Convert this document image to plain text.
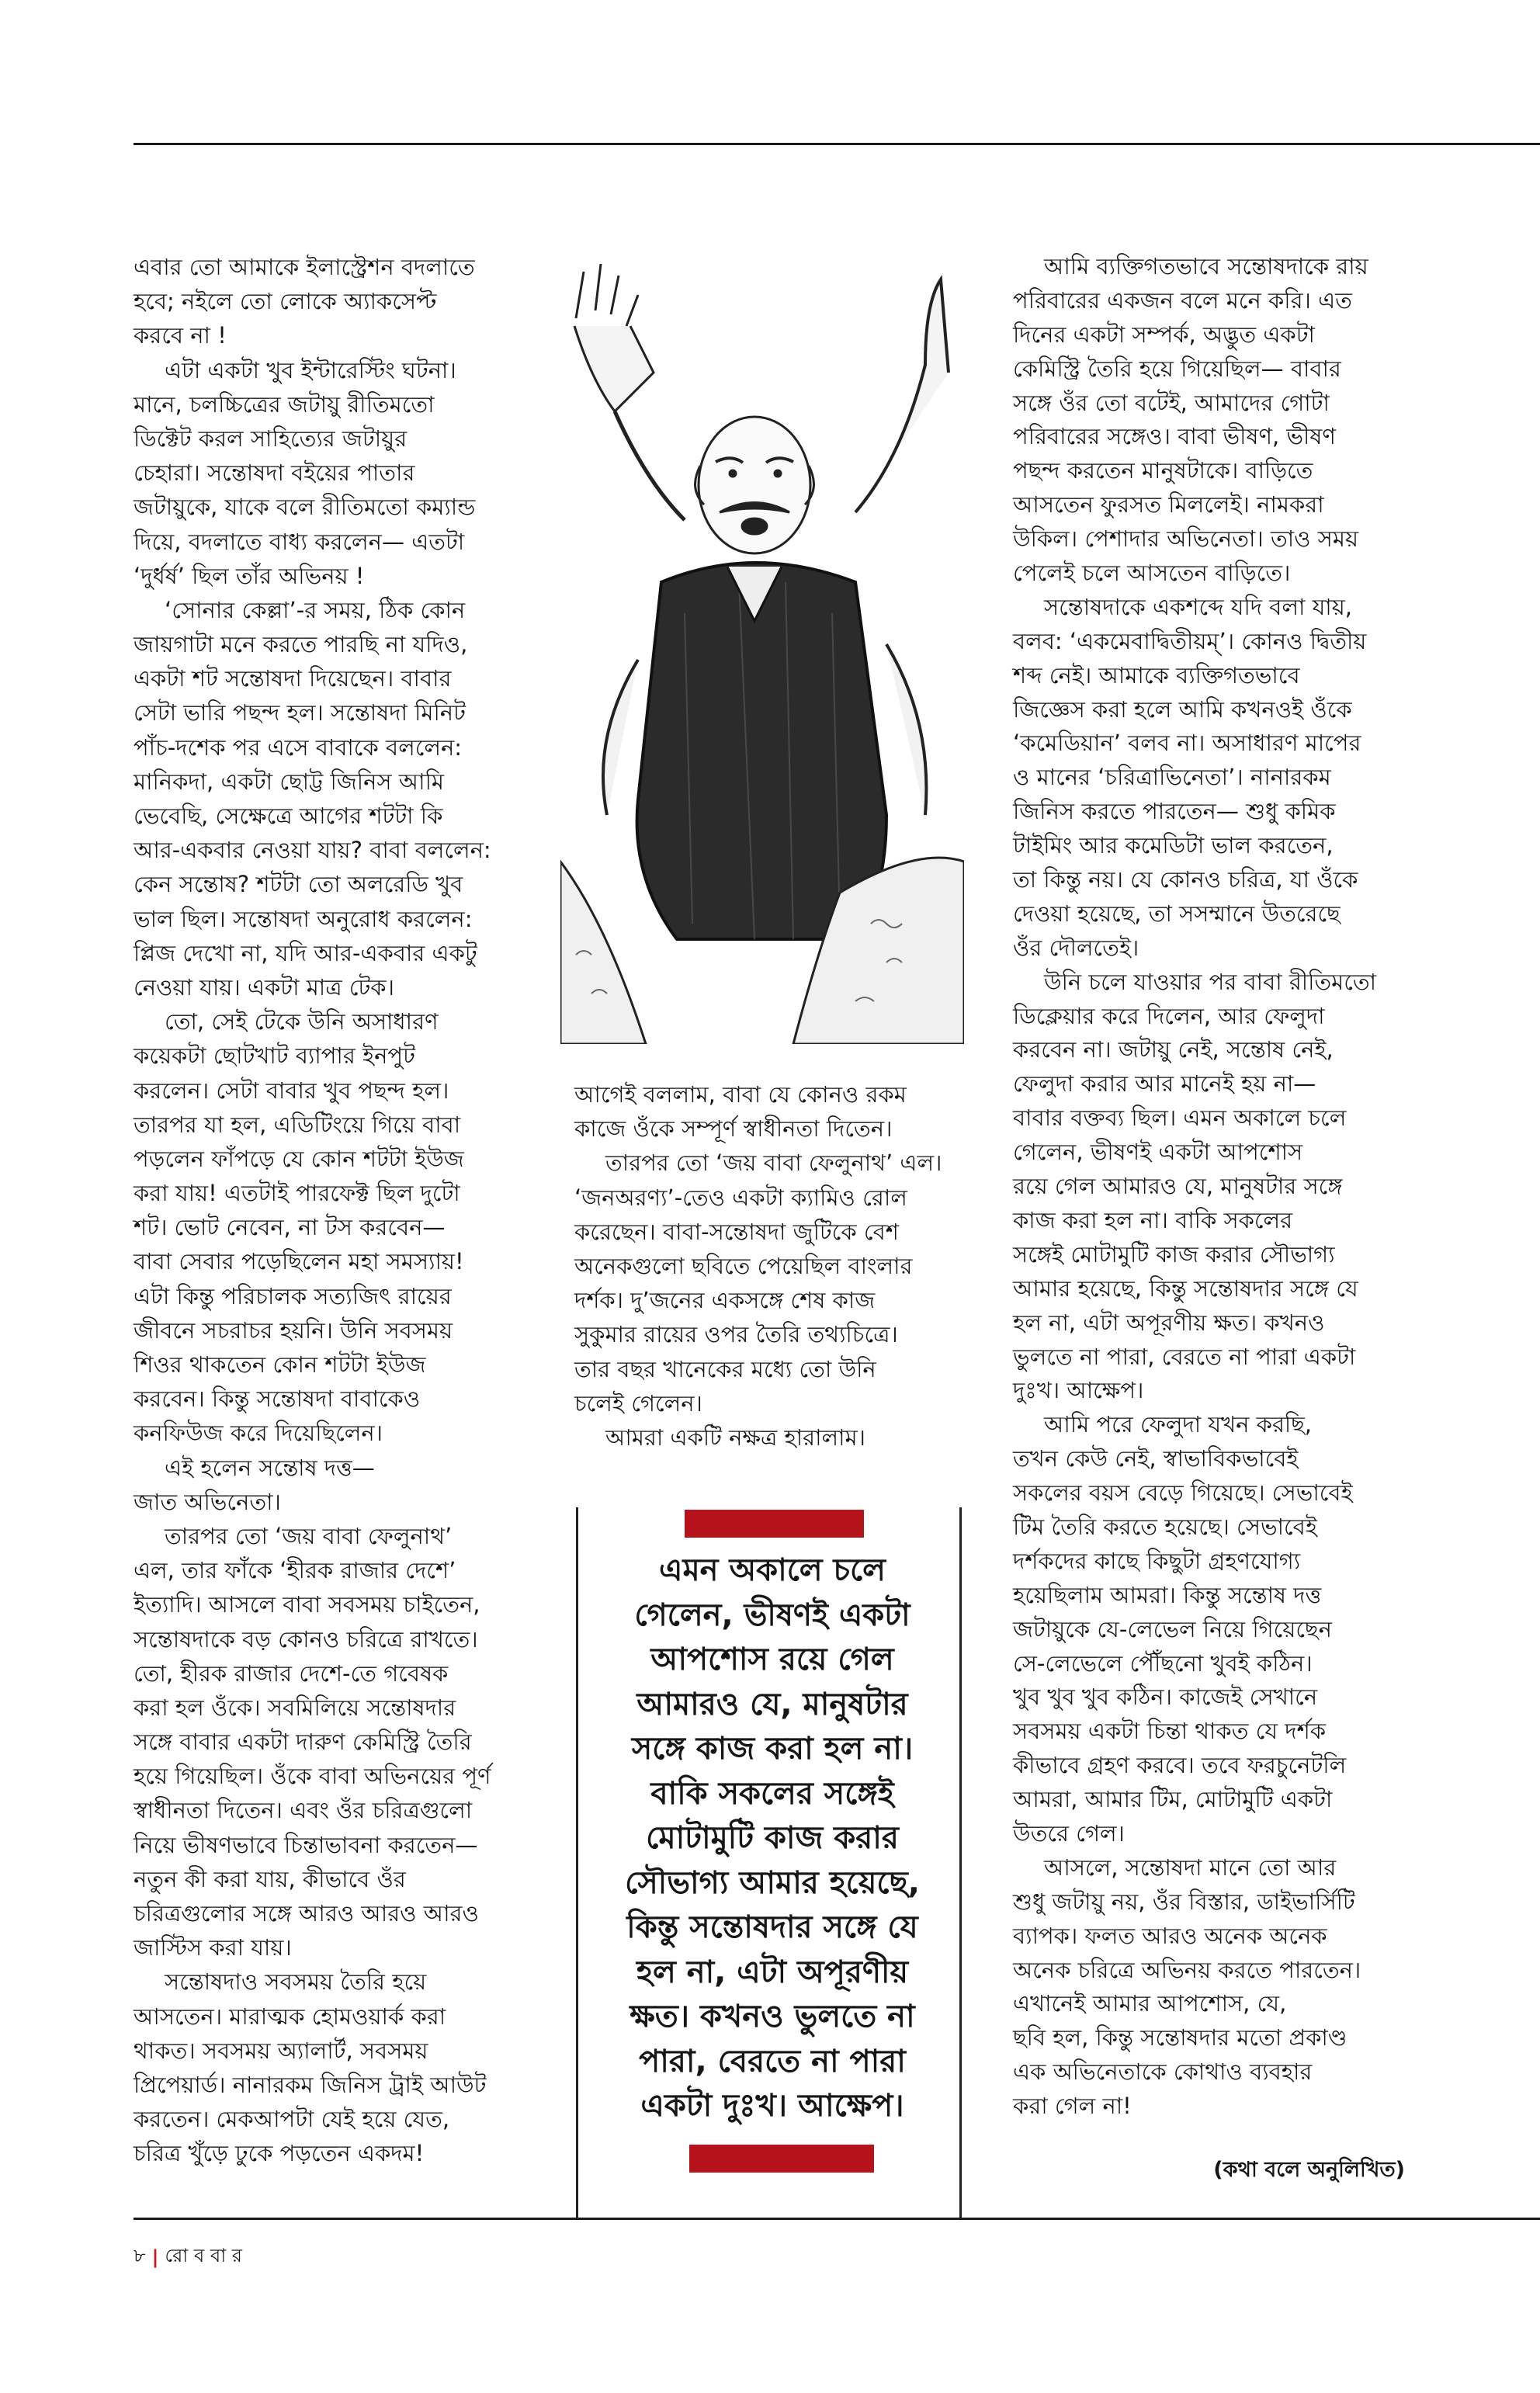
এবার তো আমাকে ইলাস্ট্রেশন বদলাতে
হবে; নইলে তো লোকে অ্যাকসেপ্ট
করবে না !
এটা একটা খুব ইন্টারেস্টিং ঘটনা।
মানে, চলচ্চিত্রের জটায়ু রীতিমতো
ডিক্টেট করল সাহিত্যের জটায়ুর
চেহারা। সন্তোষদা বইয়ের পাতার
জটায়ুকে, যাকে বলে রীতিমতো কম্যান্ড
দিয়ে, বদলাতে বাধ্য করলেন— এতটা
‘দুর্ধর্ষ’ ছিল তাঁর অভিনয় !
‘সোনার কেল্লা’-র সময়, ঠিক কোন
জায়গাটা মনে করতে পারছি না যদিও,
একটা শট সন্তোষদা দিয়েছেন। বাবার
সেটা ভারি পছন্দ হল। সন্তোষদা মিনিট
পাঁচ-দশেক পর এসে বাবাকে বললেন:
মানিকদা, একটা ছোট্ট জিনিস আমি
ভেবেছি, সেক্ষেত্রে আগের শটটা কি
আর-একবার নেওয়া যায়? বাবা বললেন:
কেন সন্তোষ? শটটা তো অলরেডি খুব
ভাল ছিল। সন্তোষদা অনুরোধ করলেন:
প্লিজ দেখো না, যদি আর-একবার একটু
নেওয়া যায়। একটা মাত্র টেক।
তো, সেই টেকে উনি অসাধারণ
কয়েকটা ছোটখাট ব্যাপার ইনপুট
করলেন। সেটা বাবার খুব পছন্দ হল।
তারপর যা হল, এডিটিংয়ে গিয়ে বাবা
পড়লেন ফাঁপড়ে যে কোন শটটা ইউজ
করা যায়! এতটাই পারফেক্ট ছিল দুটো
শট। ভোট নেবেন, না টস করবেন—
বাবা সেবার পড়েছিলেন মহা সমস্যায়!
এটা কিন্তু পরিচালক সত্যজিৎ রায়ের
জীবনে সচরাচর হয়নি। উনি সবসময়
শিওর থাকতেন কোন শটটা ইউজ
করবেন। কিন্তু সন্তোষদা বাবাকেও
কনফিউজ করে দিয়েছিলেন।
এই হলেন সন্তোষ দত্ত—
জাত অভিনেতা।
তারপর তো ‘জয় বাবা ফেলুনাথ’
এল, তার ফাঁকে ‘হীরক রাজার দেশে’
ইত্যাদি। আসলে বাবা সবসময় চাইতেন,
সন্তোষদাকে বড় কোনও চরিত্রে রাখতে।
তো, হীরক রাজার দেশে-তে গবেষক
করা হল ওঁকে। সবমিলিয়ে সন্তোষদার
সঙ্গে বাবার একটা দারুণ কেমিস্ট্রি তৈরি
হয়ে গিয়েছিল। ওঁকে বাবা অভিনয়ের পূর্ণ
স্বাধীনতা দিতেন। এবং ওঁর চরিত্রগুলো
নিয়ে ভীষণভাবে চিন্তাভাবনা করতেন—
নতুন কী করা যায়, কীভাবে ওঁর
চরিত্রগুলোর সঙ্গে আরও আরও আরও
জাস্টিস করা যায়।
সন্তোষদাও সবসময় তৈরি হয়ে
আসতেন। মারাত্মক হোমওয়ার্ক করা
থাকত। সবসময় অ্যালার্ট, সবসময়
প্রিপেয়ার্ড। নানারকম জিনিস ট্রাই আউট
করতেন। মেকআপটা যেই হয়ে যেত,
চরিত্র খুঁড়ে ঢুকে পড়তেন একদম!
আগেই বললাম, বাবা যে কোনও রকম
কাজে ওঁকে সম্পূর্ণ স্বাধীনতা দিতেন।
তারপর তো ‘জয় বাবা ফেলুনাথ’ এল।
‘জনঅরণ্য’-তেও একটা ক্যামিও রোল
করেছেন। বাবা-সন্তোষদা জুটিকে বেশ
অনেকগুলো ছবিতে পেয়েছিল বাংলার
দর্শক। দু’জনের একসঙ্গে শেষ কাজ
সুকুমার রায়ের ওপর তৈরি তথ্যচিত্রে।
তার বছর খানেকের মধ্যে তো উনি
চলেই গেলেন।
আমরা একটি নক্ষত্র হারালাম।
এমন অকালে চলে
গেলেন, ভীষণই একটা
আপশোস রয়ে গেল
আমারও যে, মানুষটার
সঙ্গে কাজ করা হল না।
বাকি সকলের সঙ্গেই
মোটামুটি কাজ করার
সৌভাগ্য আমার হয়েছে,
কিন্তু সন্তোষদার সঙ্গে যে
হল না, এটা অপূরণীয়
ক্ষত। কখনও ভুলতে না
পারা, বেরতে না পারা
একটা দুঃখ। আক্ষেপ।
আমি ব্যক্তিগতভাবে সন্তোষদাকে রায়
পরিবারের একজন বলে মনে করি। এত
দিনের একটা সম্পর্ক, অদ্ভুত একটা
কেমিস্ট্রি তৈরি হয়ে গিয়েছিল— বাবার
সঙ্গে ওঁর তো বটেই, আমাদের গোটা
পরিবারের সঙ্গেও। বাবা ভীষণ, ভীষণ
পছন্দ করতেন মানুষটাকে। বাড়িতে
আসতেন ফুরসত মিললেই। নামকরা
উকিল। পেশাদার অভিনেতা। তাও সময়
পেলেই চলে আসতেন বাড়িতে।
সন্তোষদাকে একশব্দে যদি বলা যায়,
বলব: ‘একমেবাদ্বিতীয়ম্’। কোনও দ্বিতীয়
শব্দ নেই। আমাকে ব্যক্তিগতভাবে
জিজ্ঞেস করা হলে আমি কখনওই ওঁকে
‘কমেডিয়ান’ বলব না। অসাধারণ মাপের
ও মানের ‘চরিত্রাভিনেতা’। নানারকম
জিনিস করতে পারতেন— শুধু কমিক
টাইমিং আর কমেডিটা ভাল করতেন,
তা কিন্তু নয়। যে কোনও চরিত্র, যা ওঁকে
দেওয়া হয়েছে, তা সসম্মানে উতরেছে
ওঁর দৌলতেই।
উনি চলে যাওয়ার পর বাবা রীতিমতো
ডিক্লেয়ার করে দিলেন, আর ফেলুদা
করবেন না। জটায়ু নেই, সন্তোষ নেই,
ফেলুদা করার আর মানেই হয় না—
বাবার বক্তব্য ছিল। এমন অকালে চলে
গেলেন, ভীষণই একটা আপশোস
রয়ে গেল আমারও যে, মানুষটার সঙ্গে
কাজ করা হল না। বাকি সকলের
সঙ্গেই মোটামুটি কাজ করার সৌভাগ্য
আমার হয়েছে, কিন্তু সন্তোষদার সঙ্গে যে
হল না, এটা অপূরণীয় ক্ষত। কখনও
ভুলতে না পারা, বেরতে না পারা একটা
দুঃখ। আক্ষেপ।
আমি পরে ফেলুদা যখন করছি,
তখন কেউ নেই, স্বাভাবিকভাবেই
সকলের বয়স বেড়ে গিয়েছে। সেভাবেই
টিম তৈরি করতে হয়েছে। সেভাবেই
দর্শকদের কাছে কিছুটা গ্রহণযোগ্য
হয়েছিলাম আমরা। কিন্তু সন্তোষ দত্ত
জটায়ুকে যে-লেভেল নিয়ে গিয়েছেন
সে-লেভেলে পৌঁছনো খুবই কঠিন।
খুব খুব খুব কঠিন। কাজেই সেখানে
সবসময় একটা চিন্তা থাকত যে দর্শক
কীভাবে গ্রহণ করবে। তবে ফরচুনেটলি
আমরা, আমার টিম, মোটামুটি একটা
উতরে গেল।
আসলে, সন্তোষদা মানে তো আর
শুধু জটায়ু নয়, ওঁর বিস্তার, ডাইভার্সিটি
ব্যাপক। ফলত আরও অনেক অনেক
অনেক চরিত্রে অভিনয় করতে পারতেন।
এখানেই আমার আপশোস, যে,
ছবি হল, কিন্তু সন্তোষদার মতো প্রকাণ্ড
এক অভিনেতাকে কোথাও ব্যবহার
করা গেল না!
(কথা বলে অনুলিখিত)
৮ | রো ব বা র
